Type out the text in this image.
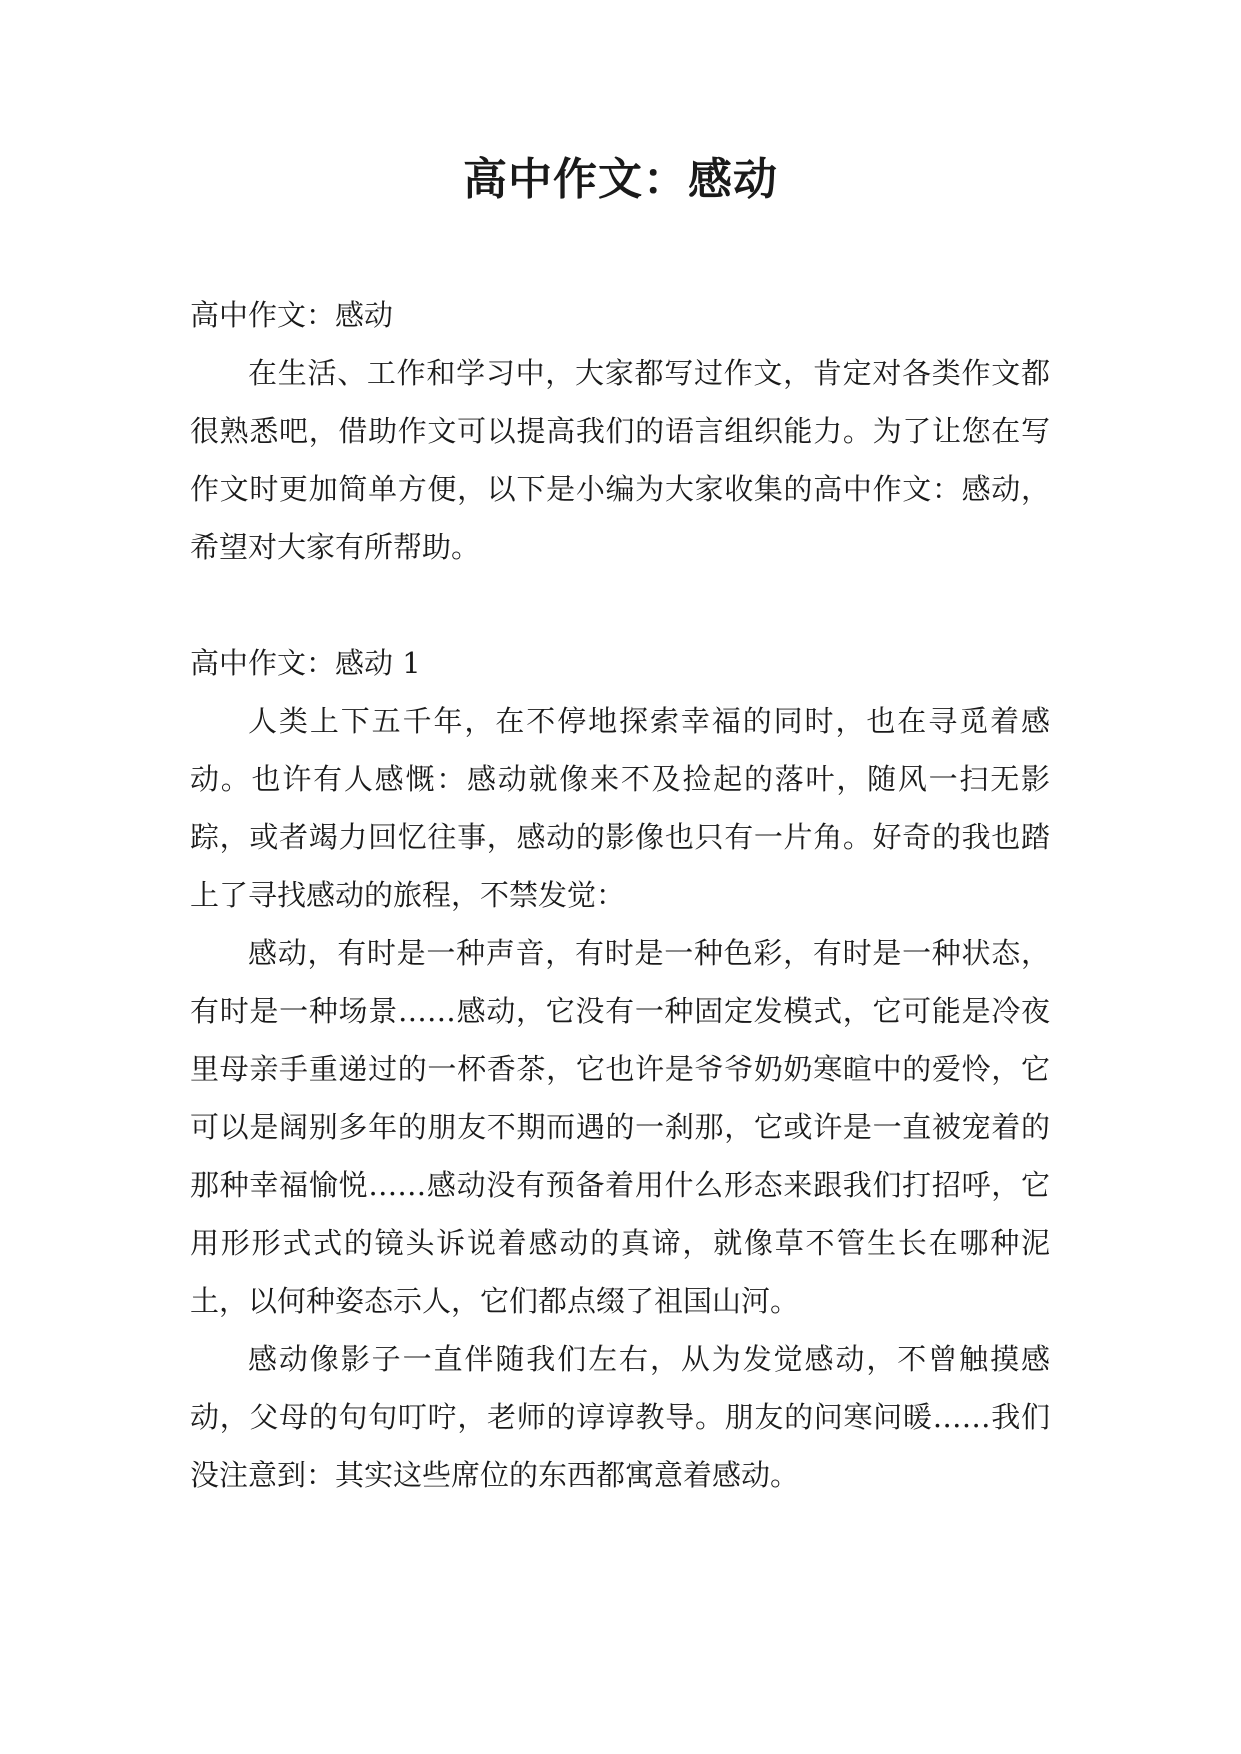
高中作文：感动

高中作文：感动

在生活、工作和学习中，大家都写过作文，肯定对各类作文都很熟悉吧，借助作文可以提高我们的语言组织能力。为了让您在写作文时更加简单方便，以下是小编为大家收集的高中作文：感动，希望对大家有所帮助。

高中作文：感动 1

人类上下五千年，在不停地探索幸福的同时，也在寻觅着感动。也许有人感慨：感动就像来不及捡起的落叶，随风一扫无影踪，或者竭力回忆往事，感动的影像也只有一片角。好奇的我也踏上了寻找感动的旅程，不禁发觉：

感动，有时是一种声音，有时是一种色彩，有时是一种状态，有时是一种场景……感动，它没有一种固定发模式，它可能是冷夜里母亲手重递过的一杯香茶，它也许是爷爷奶奶寒暄中的爱怜，它可以是阔别多年的朋友不期而遇的一刹那，它或许是一直被宠着的那种幸福愉悦……感动没有预备着用什么形态来跟我们打招呼，它用形形式式的镜头诉说着感动的真谛，就像草不管生长在哪种泥土，以何种姿态示人，它们都点缀了祖国山河。

感动像影子一直伴随我们左右，从为发觉感动，不曾触摸感动，父母的句句叮咛，老师的谆谆教导。朋友的问寒问暖……我们没注意到：其实这些席位的东西都寓意着感动。
